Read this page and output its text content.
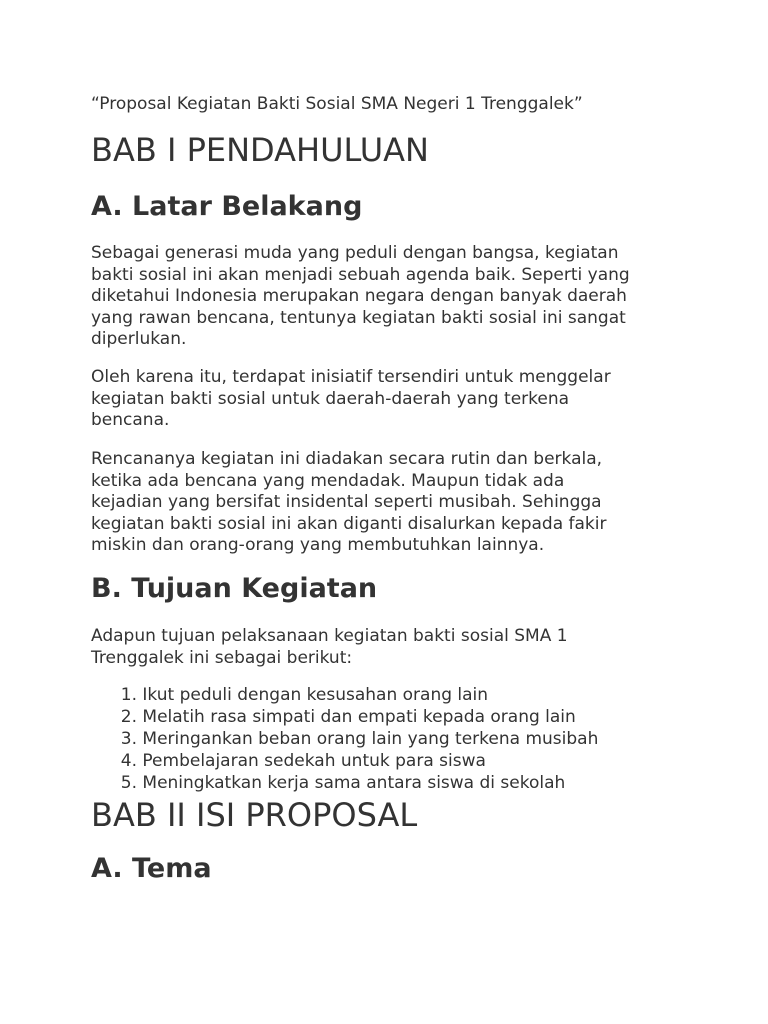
“Proposal Kegiatan Bakti Sosial SMA Negeri 1 Trenggalek”
BAB I PENDAHULUAN
A. Latar Belakang

Sebagai generasi muda yang peduli dengan bangsa, kegiatan
bakti sosial ini akan menjadi sebuah agenda baik. Seperti yang
diketahui Indonesia merupakan negara dengan banyak daerah
yang rawan bencana, tentunya kegiatan bakti sosial ini sangat
diperlukan.

Oleh karena itu, terdapat inisiatif tersendiri untuk menggelar
kegiatan bakti sosial untuk daerah-daerah yang terkena
bencana.

Rencananya kegiatan ini diadakan secara rutin dan berkala,
ketika ada bencana yang mendadak. Maupun tidak ada
kejadian yang bersifat insidental seperti musibah. Sehingga
kegiatan bakti sosial ini akan diganti disalurkan kepada fakir
miskin dan orang-orang yang membutuhkan lainnya.

B. Tujuan Kegiatan

Adapun tujuan pelaksanaan kegiatan bakti sosial SMA 1
Trenggalek ini sebagai berikut:

1.
Ikut peduli dengan kesusahan orang lain
2.
Melatih rasa simpati dan empati kepada orang lain
3.
Meringankan beban orang lain yang terkena musibah
4.
Pembelajaran sedekah untuk para siswa
5.
Meningkatkan kerja sama antara siswa di sekolah
BAB II ISI PROPOSAL
A. Tema
